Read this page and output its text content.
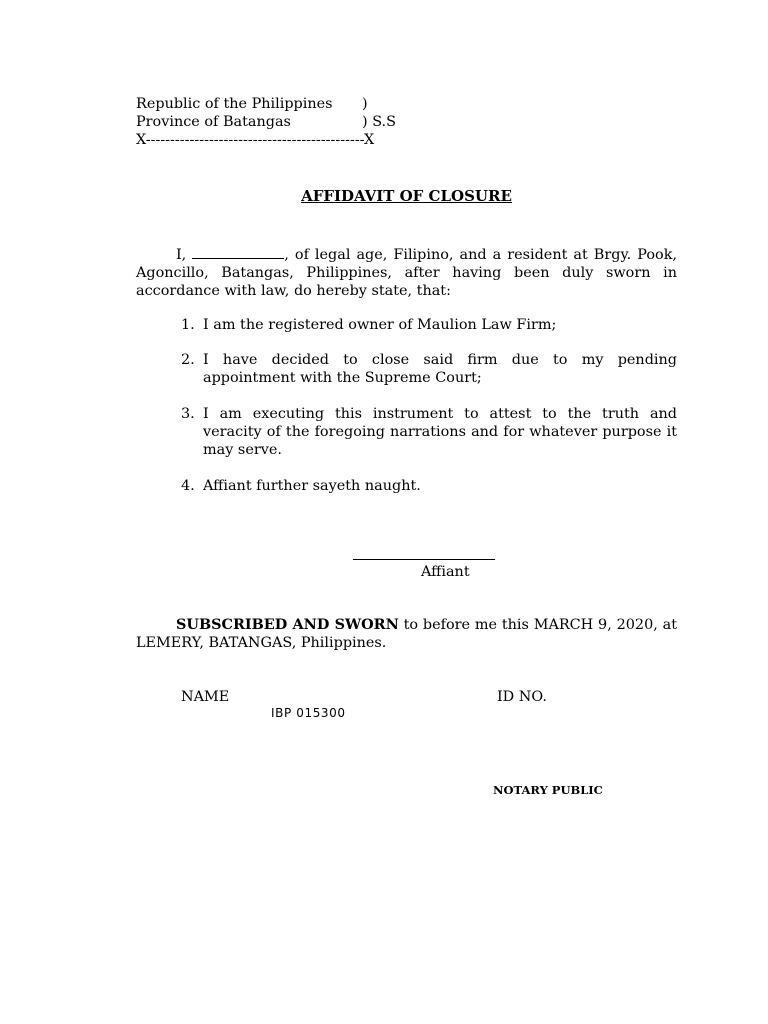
Republic of the Philippines )
Province of Batangas	) S.S
X---------------------------------------------X
AFFIDAVIT OF CLOSURE
I,	, of legal age, Filipino, and a resident at Brgy. Pook, Agoncillo, Batangas, Philippines, after having been duly sworn in accordance with law, do hereby state, that:
1. I am the registered owner of Maulion Law Firm;
2. I have decided to close said firm due to my pending appointment with the Supreme Court;
3. I am executing this instrument to attest to the truth and veracity of the foregoing narrations and for whatever purpose it may serve.
4. Affiant further sayeth naught.
Affiant
SUBSCRIBED AND SWORN to before me this MARCH 9, 2020, at LEMERY, BATANGAS, Philippines.
NAME	ID NO.
IBP 015300
NOTARY PUBLIC
